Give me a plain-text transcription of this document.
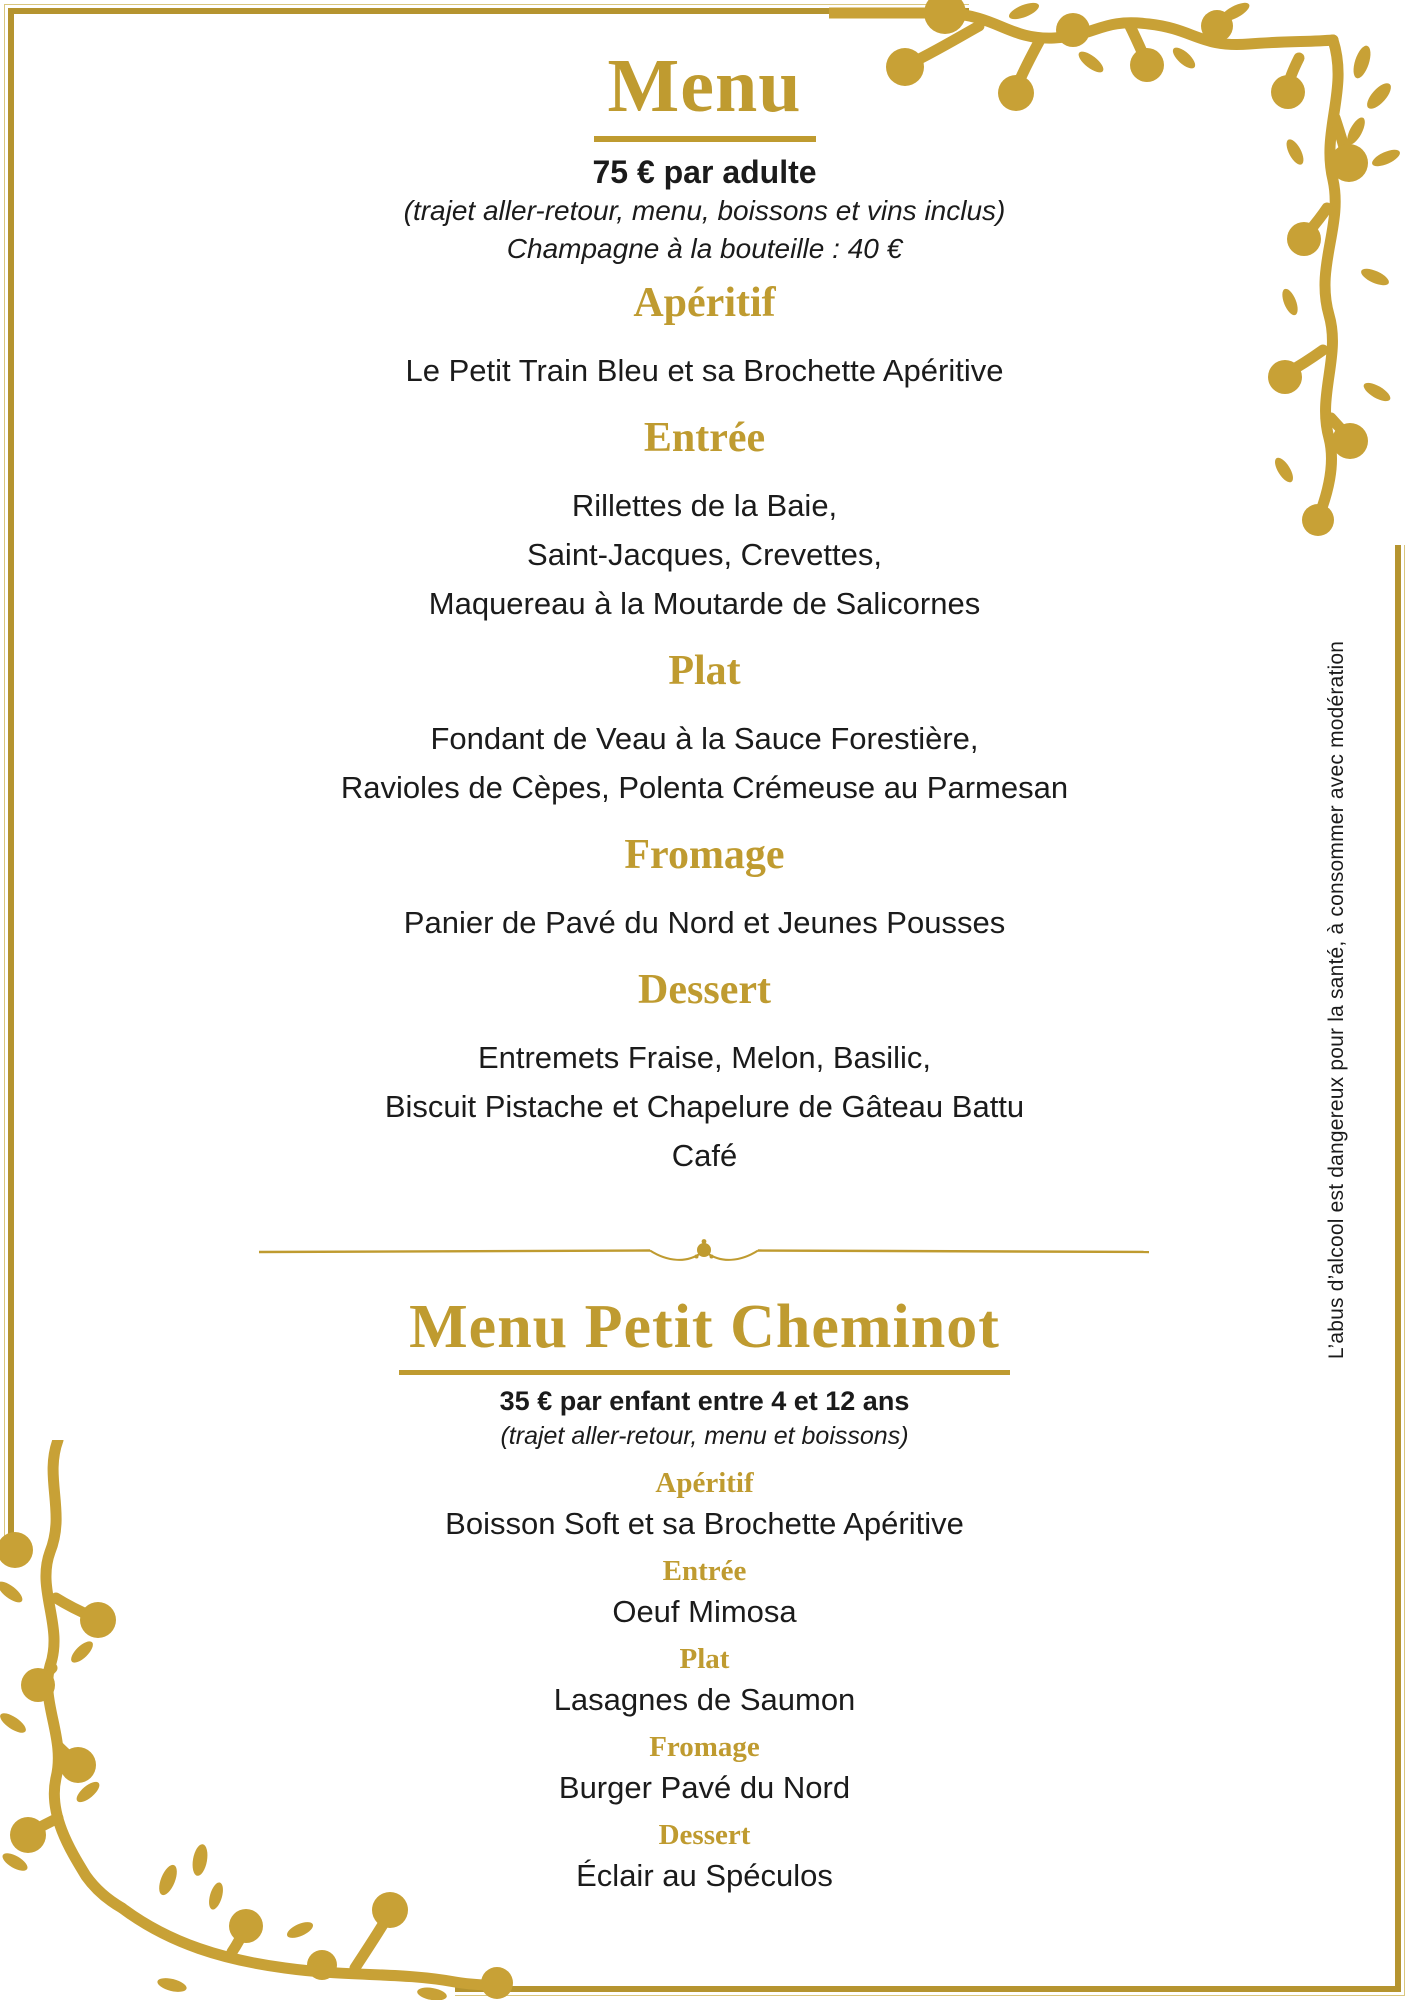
Menu
75 € par adulte
(trajet aller-retour, menu, boissons et vins inclus)
Champagne à la bouteille : 40 €
Apéritif
Le Petit Train Bleu et sa Brochette Apéritive
Entrée
Rillettes de la Baie,
Saint-Jacques, Crevettes,
Maquereau à la Moutarde de Salicornes
Plat
Fondant de Veau à la Sauce Forestière,
Ravioles de Cèpes, Polenta Crémeuse au Parmesan
Fromage
Panier de Pavé du Nord et Jeunes Pousses
Dessert
Entremets Fraise, Melon, Basilic,
Biscuit Pistache et Chapelure de Gâteau Battu
Café
Menu Petit Cheminot
35 € par enfant entre 4 et 12 ans
(trajet aller-retour, menu et boissons)
Apéritif
Boisson Soft et sa Brochette Apéritive
Entrée
Oeuf Mimosa
Plat
Lasagnes de Saumon
Fromage
Burger Pavé du Nord
Dessert
Éclair au Spéculos
L’abus d’alcool est dangereux pour la santé, à consommer avec modération
